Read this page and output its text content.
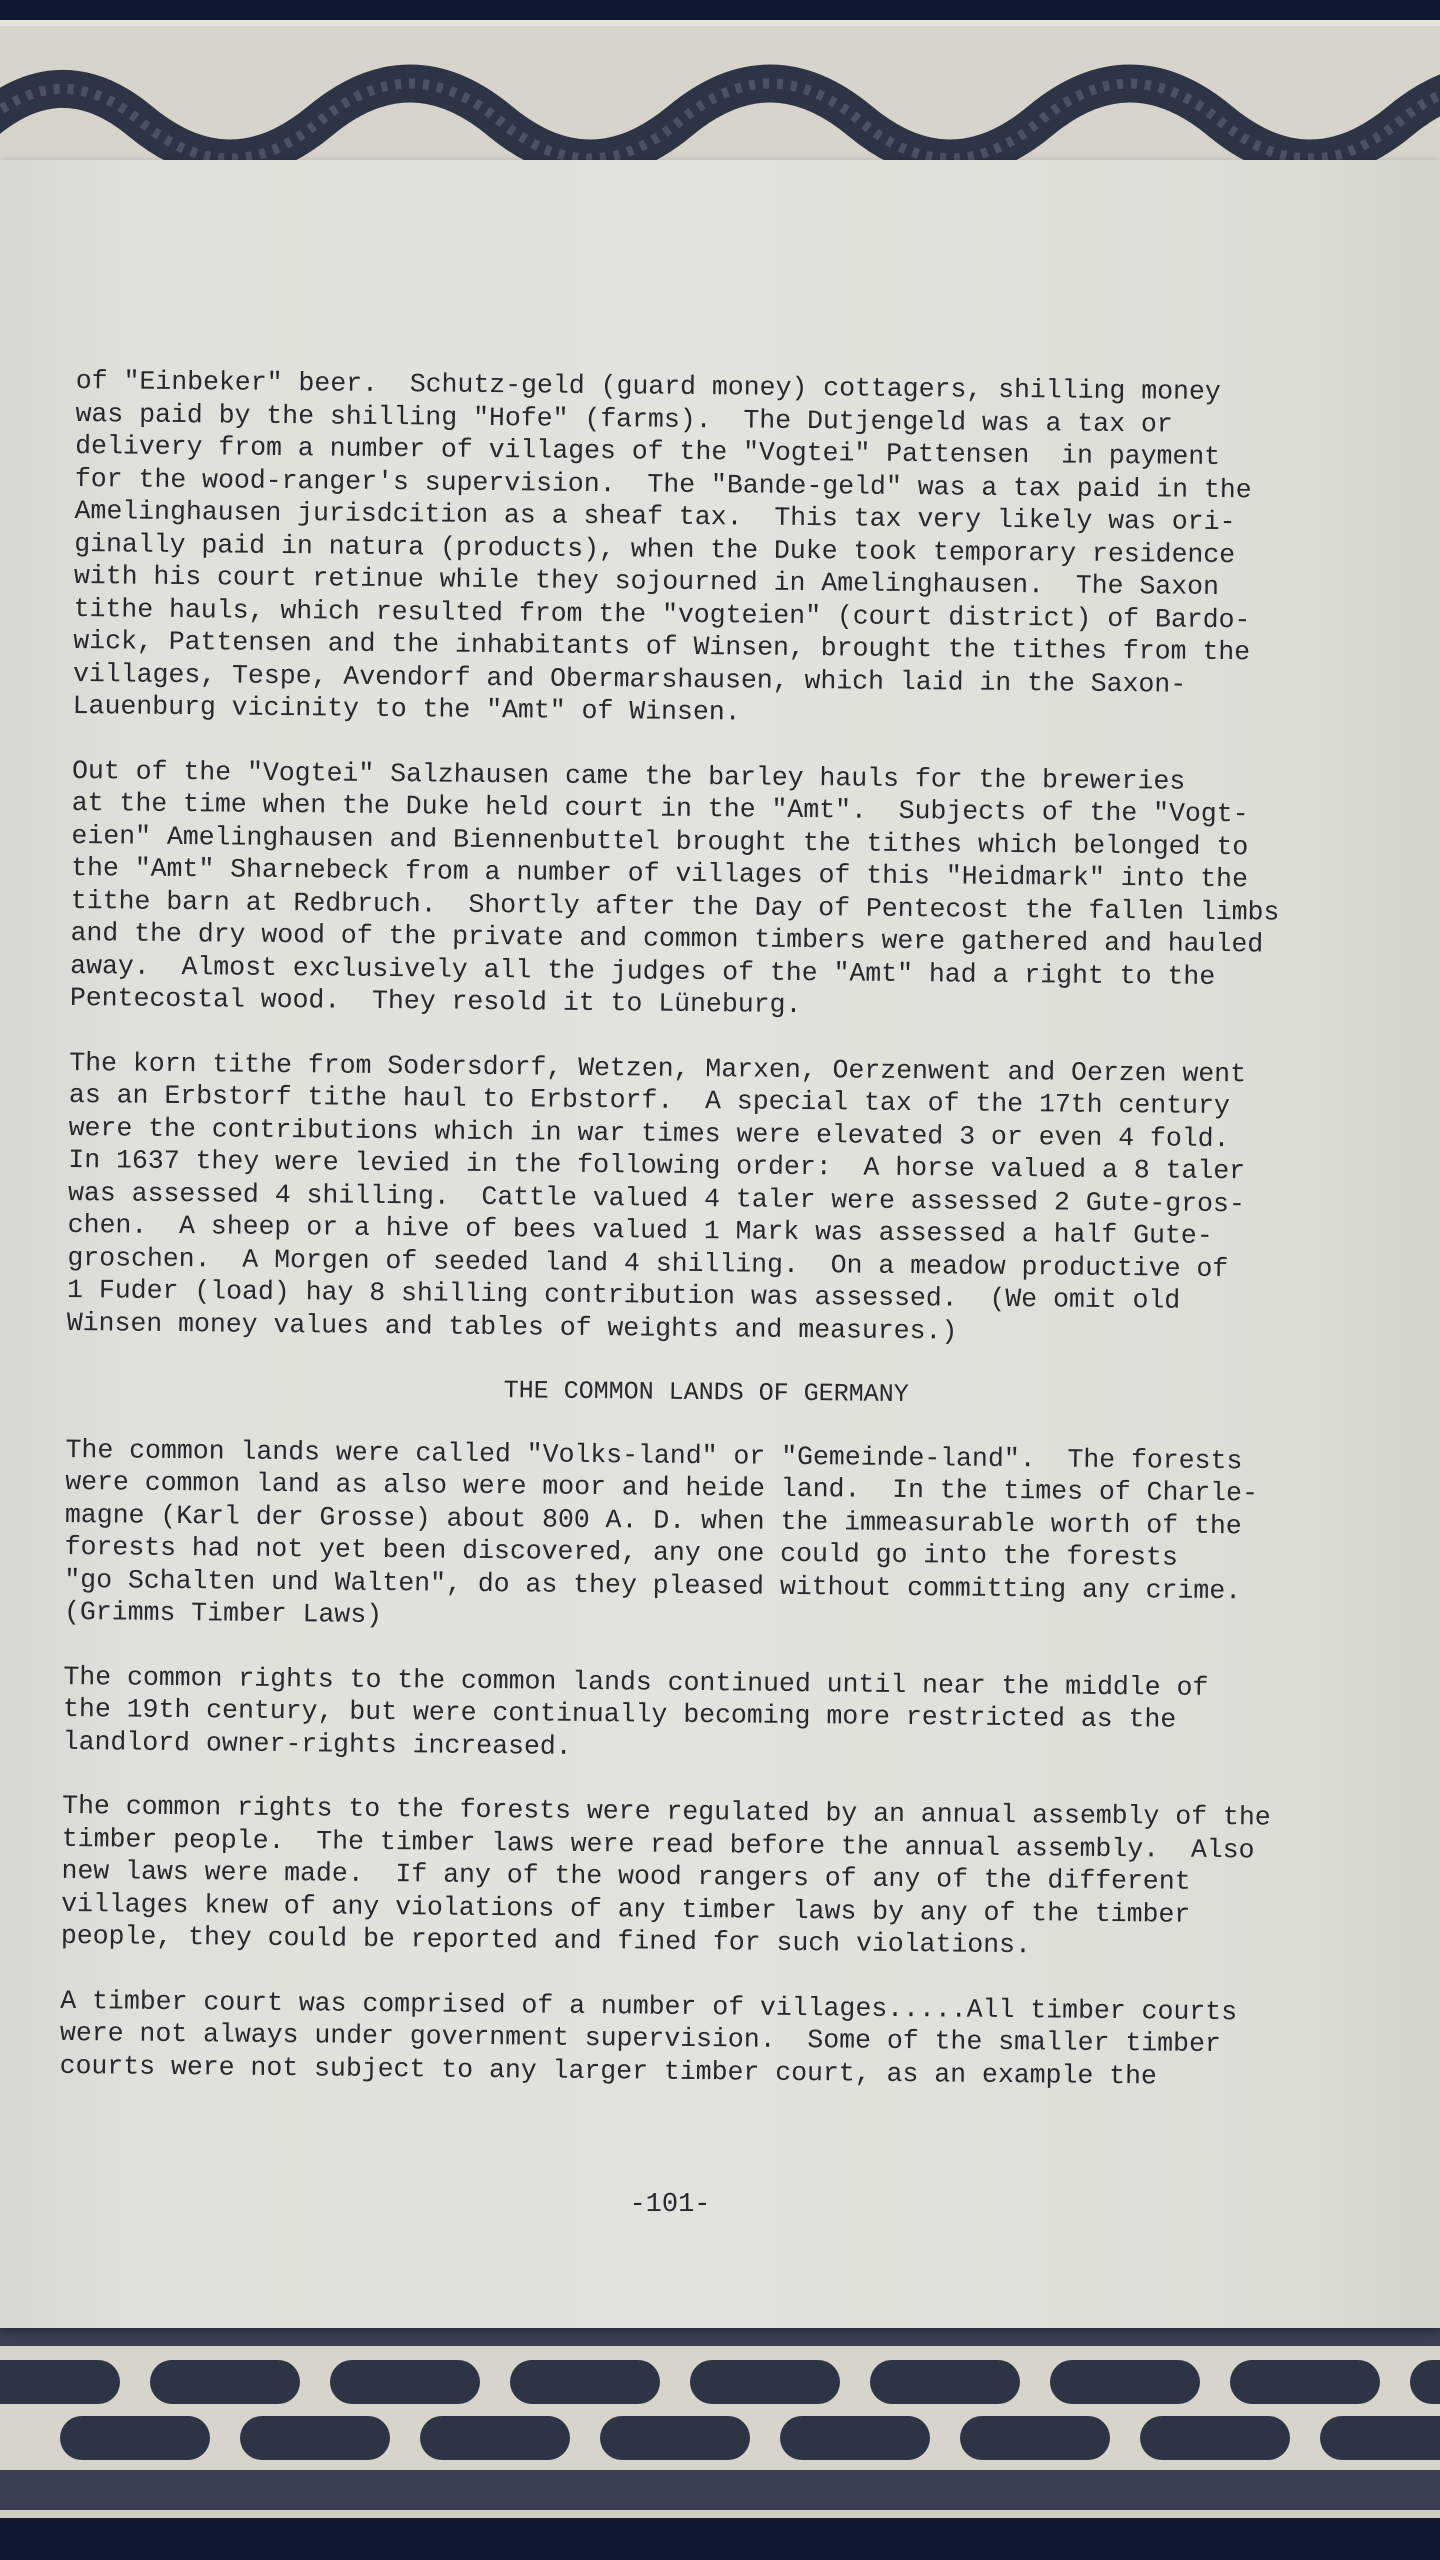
of "Einbeker" beer.  Schutz-geld (guard money) cottagers, shilling money
was paid by the shilling "Hofe" (farms).  The Dutjengeld was a tax or
delivery from a number of villages of the "Vogtei" Pattensen  in payment
for the wood-ranger's supervision.  The "Bande-geld" was a tax paid in the
Amelinghausen jurisdcition as a sheaf tax.  This tax very likely was ori-
ginally paid in natura (products), when the Duke took temporary residence
with his court retinue while they sojourned in Amelinghausen.  The Saxon
tithe hauls, which resulted from the "vogteien" (court district) of Bardo-
wick, Pattensen and the inhabitants of Winsen, brought the tithes from the
villages, Tespe, Avendorf and Obermarshausen, which laid in the Saxon-
Lauenburg vicinity to the "Amt" of Winsen.
Out of the "Vogtei" Salzhausen came the barley hauls for the breweries
at the time when the Duke held court in the "Amt".  Subjects of the "Vogt-
eien" Amelinghausen and Biennenbuttel brought the tithes which belonged to
the "Amt" Sharnebeck from a number of villages of this "Heidmark" into the
tithe barn at Redbruch.  Shortly after the Day of Pentecost the fallen limbs
and the dry wood of the private and common timbers were gathered and hauled
away.  Almost exclusively all the judges of the "Amt" had a right to the
Pentecostal wood.  They resold it to Lüneburg.
The korn tithe from Sodersdorf, Wetzen, Marxen, Oerzenwent and Oerzen went
as an Erbstorf tithe haul to Erbstorf.  A special tax of the 17th century
were the contributions which in war times were elevated 3 or even 4 fold.
In 1637 they were levied in the following order:  A horse valued a 8 taler
was assessed 4 shilling.  Cattle valued 4 taler were assessed 2 Gute-gros-
chen.  A sheep or a hive of bees valued 1 Mark was assessed a half Gute-
groschen.  A Morgen of seeded land 4 shilling.  On a meadow productive of
1 Fuder (load) hay 8 shilling contribution was assessed.  (We omit old
Winsen money values and tables of weights and measures.)
THE COMMON LANDS OF GERMANY
The common lands were called "Volks-land" or "Gemeinde-land".  The forests
were common land as also were moor and heide land.  In the times of Charle-
magne (Karl der Grosse) about 800 A. D. when the immeasurable worth of the
forests had not yet been discovered, any one could go into the forests
"go Schalten und Walten", do as they pleased without committing any crime.
(Grimms Timber Laws)
The common rights to the common lands continued until near the middle of
the 19th century, but were continually becoming more restricted as the
landlord owner-rights increased.
The common rights to the forests were regulated by an annual assembly of the
timber people.  The timber laws were read before the annual assembly.  Also
new laws were made.  If any of the wood rangers of any of the different
villages knew of any violations of any timber laws by any of the timber
people, they could be reported and fined for such violations.
A timber court was comprised of a number of villages.....All timber courts
were not always under government supervision.  Some of the smaller timber
courts were not subject to any larger timber court, as an example the
-101-
